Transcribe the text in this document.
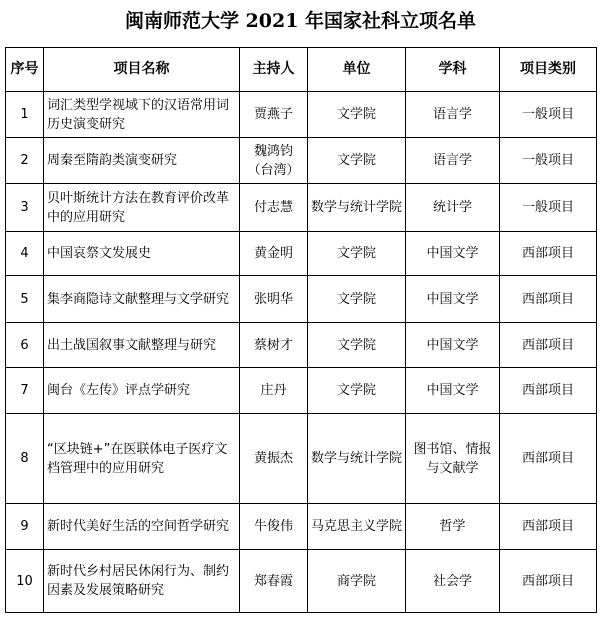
闽南师范大学 2021 年国家社科立项名单
序号	项目名称	主持人	单位	学科	项目类别
1	词汇类型学视域下的汉语常用词历史演变研究	贾燕子	文学院	语言学	一般项目
2	周秦至隋韵类演变研究	魏鸿钧（台湾）	文学院	语言学	一般项目
3	贝叶斯统计方法在教育评价改革中的应用研究	付志慧	数学与统计学院	统计学	一般项目
4	中国哀祭文发展史	黄金明	文学院	中国文学	西部项目
5	集李商隐诗文献整理与文学研究	张明华	文学院	中国文学	西部项目
6	出土战国叙事文献整理与研究	蔡树才	文学院	中国文学	西部项目
7	闽台《左传》评点学研究	庄丹	文学院	中国文学	西部项目
8	“区块链+”在医联体电子医疗文档管理中的应用研究	黄振杰	数学与统计学院	图书馆、情报与文献学	西部项目
9	新时代美好生活的空间哲学研究	牛俊伟	马克思主义学院	哲学	西部项目
10	新时代乡村居民休闲行为、制约因素及发展策略研究	郑春霞	商学院	社会学	西部项目
